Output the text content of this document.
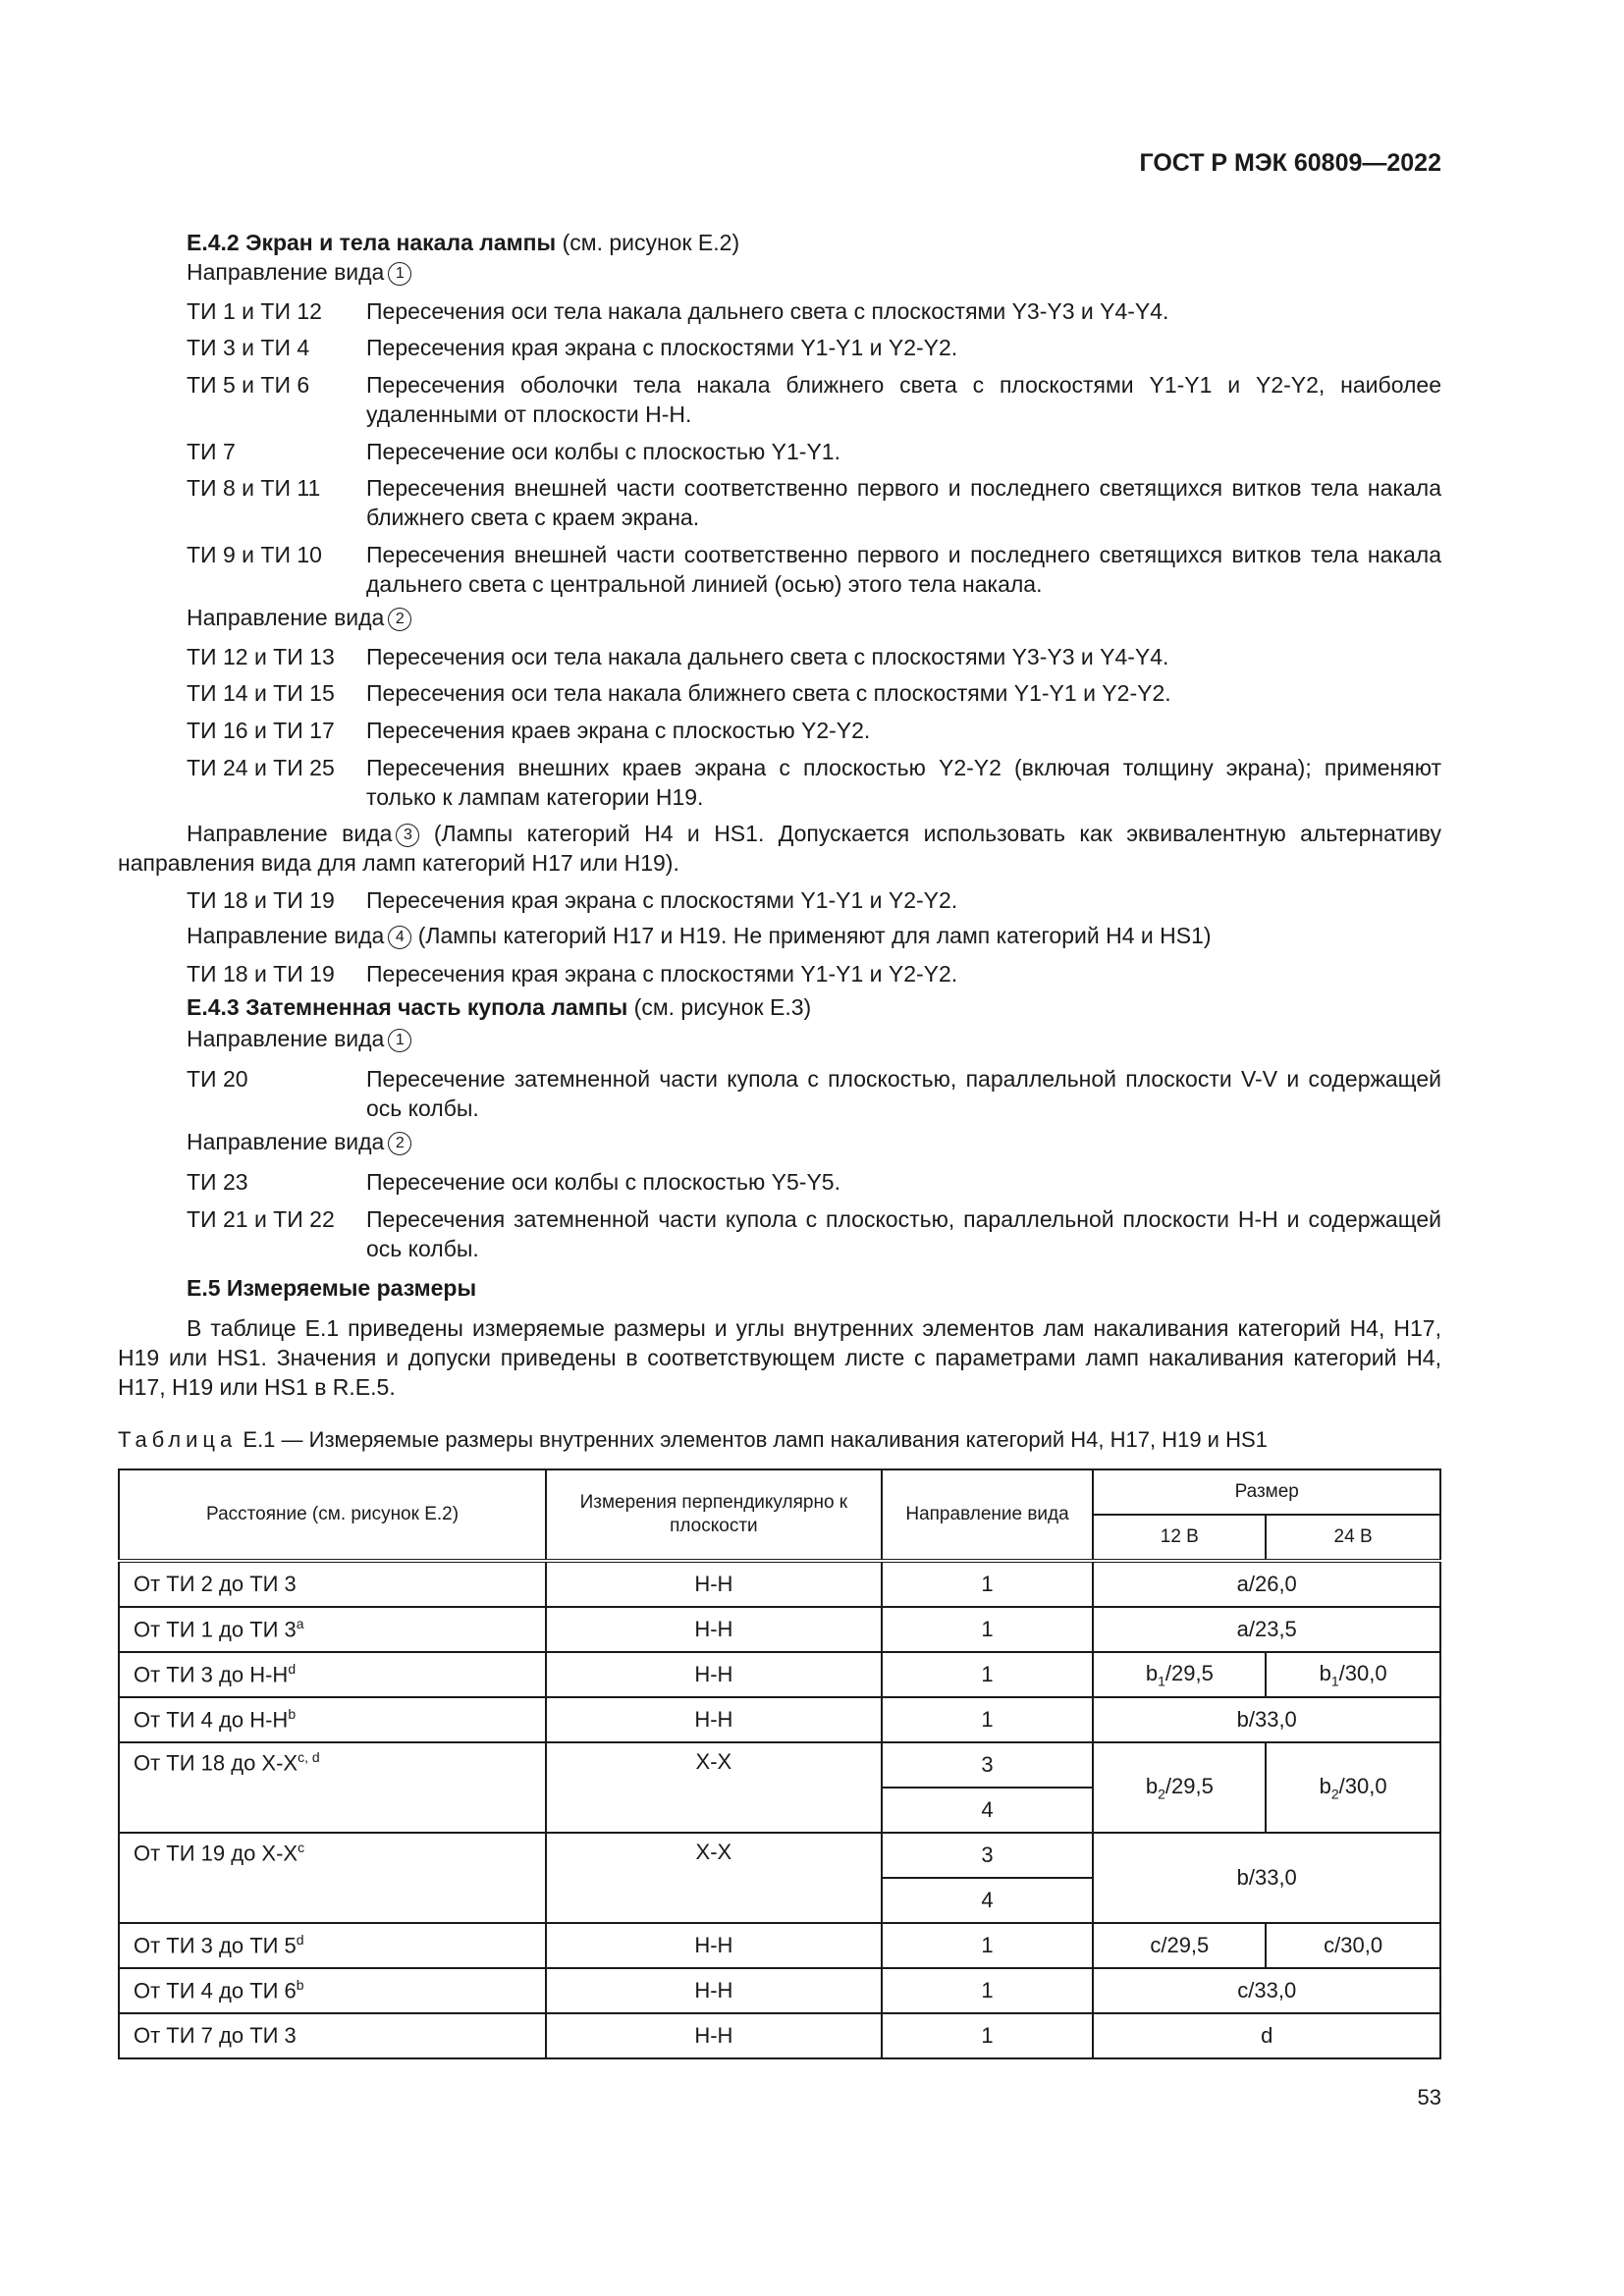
ГОСТ Р МЭК 60809—2022
Е.4.2 Экран и тела накала лампы (см. рисунок Е.2)
Направление вида 1
ТИ 1 и ТИ 12 Пересечения оси тела накала дальнего света с плоскостями Y3-Y3 и Y4-Y4.
ТИ 3 и ТИ 4	Пересечения края экрана с плоскостями Y1-Y1 и Y2-Y2.
ТИ 5 и ТИ 6	Пересечения оболочки тела накала ближнего света с плоскостями Y1-Y1 и Y2-Y2, наиболее удаленными от плоскости H-H.
ТИ 7	Пересечение оси колбы с плоскостью Y1-Y1.
ТИ 8 и ТИ 11 Пересечения внешней части соответственно первого и последнего светящихся витков тела накала ближнего света с краем экрана.
ТИ 9 и ТИ 10 Пересечения внешней части соответственно первого и последнего светящихся витков тела накала дальнего света с центральной линией (осью) этого тела накала.
Направление вида 2
ТИ 12 и ТИ 13 Пересечения оси тела накала дальнего света с плоскостями Y3-Y3 и Y4-Y4.
ТИ 14 и ТИ 15 Пересечения оси тела накала ближнего света с плоскостями Y1-Y1 и Y2-Y2.
ТИ 16 и ТИ 17 Пересечения краев экрана с плоскостью Y2-Y2.
ТИ 24 и ТИ 25 Пересечения внешних краев экрана с плоскостью Y2-Y2 (включая толщину экрана); применяют только к лампам категории H19.
Направление вида 3 (Лампы категорий H4 и HS1. Допускается использовать как эквивалентную альтернативу направления вида для ламп категорий H17 или H19).
ТИ 18 и ТИ 19 Пересечения края экрана с плоскостями Y1-Y1 и Y2-Y2.
Направление вида 4 (Лампы категорий H17 и H19. Не применяют для ламп категорий H4 и HS1)
ТИ 18 и ТИ 19 Пересечения края экрана с плоскостями Y1-Y1 и Y2-Y2.
Е.4.3 Затемненная часть купола лампы (см. рисунок Е.3)
Направление вида 1
ТИ 20	Пересечение затемненной части купола с плоскостью, параллельной плоскости V-V и содержащей ось колбы.
Направление вида 2
ТИ 23	Пересечение оси колбы с плоскостью Y5-Y5.
ТИ 21 и ТИ 22 Пересечения затемненной части купола с плоскостью, параллельной плоскости H-H и содержащей ось колбы.
Е.5 Измеряемые размеры
В таблице Е.1 приведены измеряемые размеры и углы внутренних элементов лам накаливания категорий H4, H17, H19 или HS1. Значения и допуски приведены в соответствующем листе с параметрами ламп накаливания категорий H4, H17, H19 или HS1 в R.E.5.
Таблица Е.1 — Измеряемые размеры внутренних элементов ламп накаливания категорий H4, H17, H19 и HS1
Расстояние (см. рисунок Е.2)	Измерения перпендикулярно к плоскости	Направление вида	Размер	
			12 В	24 В
От ТИ 2 до ТИ 3	H-H	1	a/26,0	
От ТИ 1 до ТИ 3$^a$	H-H	1	a/23,5	
От ТИ 3 до $H-H^d$	H-H	1	$b_1/29,5$	$b_1/30,0$
От ТИ 4 до $H-H^b$	H-H	1	b/33,0	
От ТИ 18 до $X-X^{c, d}$	X-X	3	$b_2/29,5$	$b_2/30,0$
		4		
От ТИ 19 до $X-X^c$	X-X	3	b/33,0	
		4		
От ТИ 3 до ТИ 5$^d$	H-H	1	c/29,5	c/30,0
От ТИ 4 до ТИ 6$^b$	H-H	1	c/33,0	
От ТИ 7 до ТИ 3	H-H	1	d	
53
